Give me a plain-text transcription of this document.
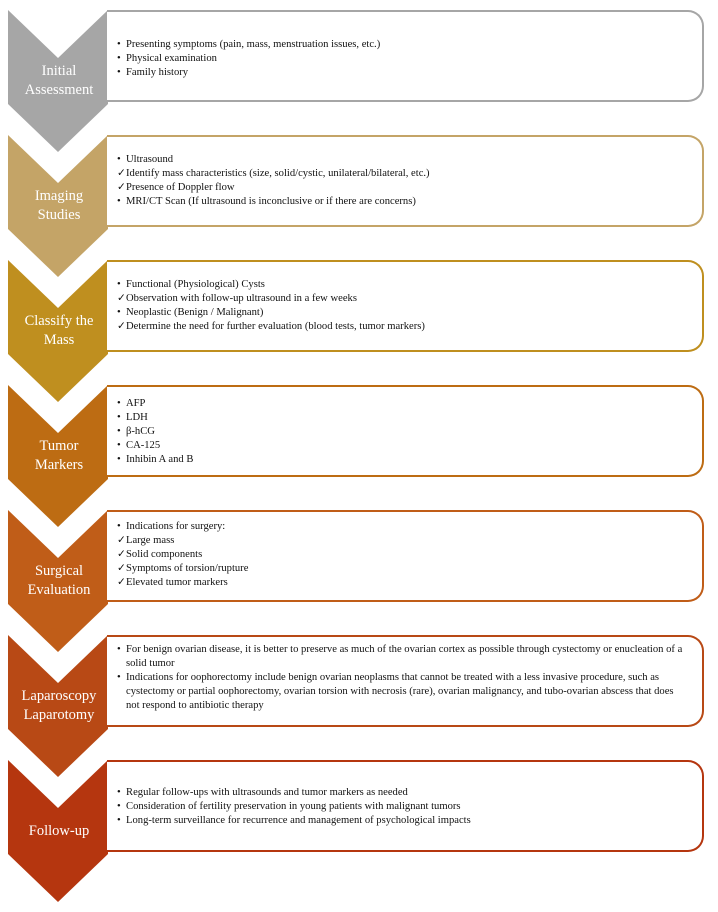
Initial
Assessment
• Presenting symptoms (pain, mass, menstruation issues, etc.)
• Physical examination
• Family history
Imaging
Studies
• Ultrasound
✓ Identify mass characteristics (size, solid/cystic, unilateral/bilateral, etc.)
✓ Presence of Doppler flow
• MRI/CT Scan (If ultrasound is inconclusive or if there are concerns)
Classify the
Mass
• Functional (Physiological) Cysts
✓ Observation with follow-up ultrasound in a few weeks
• Neoplastic (Benign / Malignant)
✓ Determine the need for further evaluation (blood tests, tumor markers)
Tumor
Markers
• AFP
• LDH
• β-hCG
• CA-125
• Inhibin A and B
Surgical
Evaluation
• Indications for surgery:
✓ Large mass
✓ Solid components
✓ Symptoms of torsion/rupture
✓ Elevated tumor markers
Laparoscopy
Laparotomy
• For benign ovarian disease, it is better to preserve as much of the ovarian cortex as possible through cystectomy or enucleation of a solid tumor
• Indications for oophorectomy include benign ovarian neoplasms that cannot be treated with a less invasive procedure, such as cystectomy or partial oophorectomy, ovarian torsion with necrosis (rare), ovarian malignancy, and tubo-ovarian abscess that does not respond to antibiotic therapy
Follow-up
• Regular follow-ups with ultrasounds and tumor markers as needed
• Consideration of fertility preservation in young patients with malignant tumors
• Long-term surveillance for recurrence and management of psychological impacts
